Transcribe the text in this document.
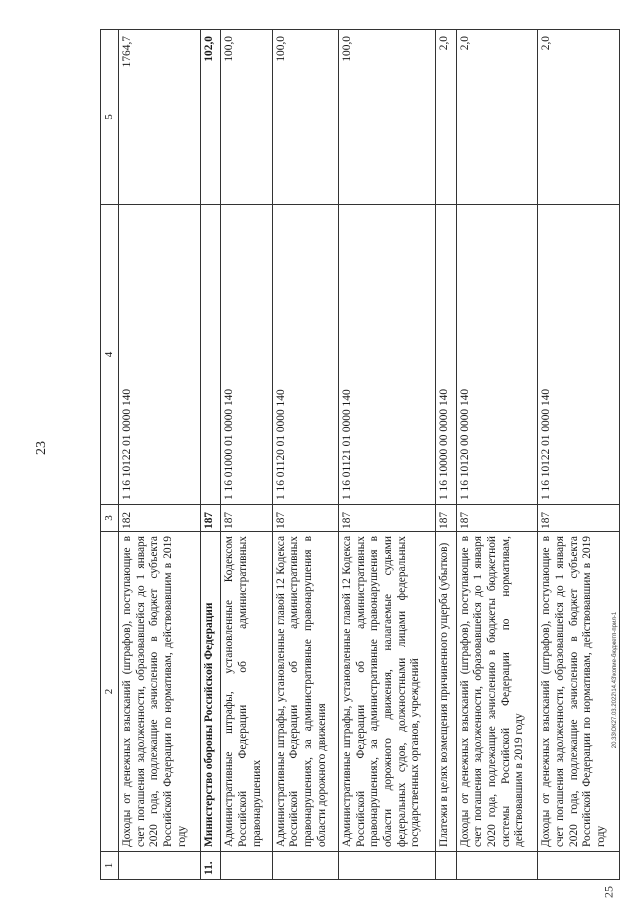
23
25
20.33\ОК27.03.2022\14.43\копие-бюджетп-прил-1
1	2	3	4	5
	Доходы от денежных взысканий (штрафов), поступающие в счет погашения задолженности, образовавшейся до 1 января 2020 года, подлежащие зачислению в бюджет субъекта Российской Федерации по нормативам, действовавшим в 2019 году	182	1 16 10122 01 0000 140	1764,7
11.	Министерство обороны Российской Федерации	187		102,0
	Административные штрафы, установленные Кодексом Российской Федерации об административных правонарушениях	187	1 16 01000 01 0000 140	100,0
	Административные штрафы, установленные главой 12 Кодекса Российской Федерации об административных правонарушениях, за административные правонарушения в области дорожного движения	187	1 16 01120 01 0000 140	100,0
	Административные штрафы, установленные главой 12 Кодекса Российской Федерации об административных правонарушениях, за административные правонарушения в области дорожного движения, налагаемые судьями федеральных судов, должностными лицами федеральных государственных органов, учреждений	187	1 16 01121 01 0000 140	100,0
	Платежи в целях возмещения причиненного ущерба (убытков)	187	1 16 10000 00 0000 140	2,0
	Доходы от денежных взысканий (штрафов), поступающие в счет погашения задолженности, образовавшейся до 1 января 2020 года, подлежащие зачислению в бюджеты бюджетной системы Российской Федерации по нормативам, действовавшим в 2019 году	187	1 16 10120 00 0000 140	2,0
	Доходы от денежных взысканий (штрафов), поступающие в счет погашения задолженности, образовавшейся до 1 января 2020 года, подлежащие зачислению в бюджет субъекта Российской Федерации по нормативам, действовавшим в 2019 году	187	1 16 10122 01 0000 140	2,0
